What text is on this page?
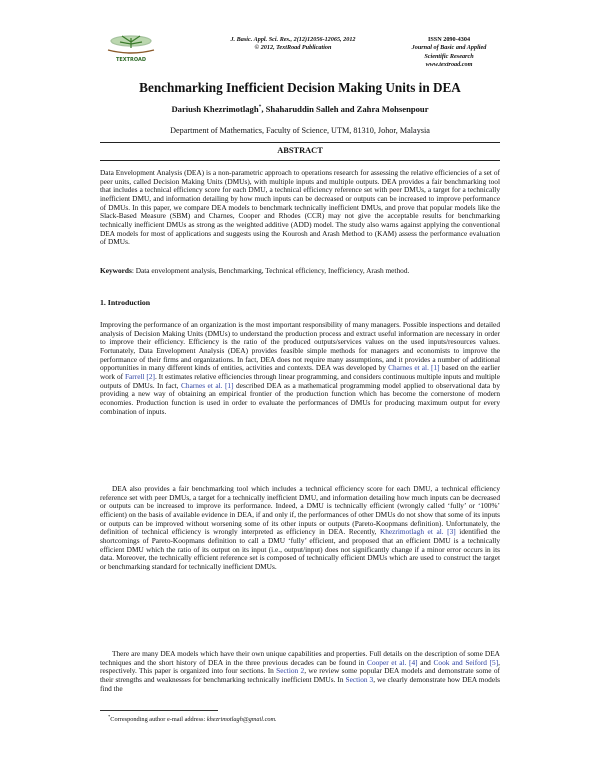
TEXTROAD
J. Basic. Appl. Sci. Res., 2(12)12056-12065, 2012
© 2012, TextRoad Publication
ISSN 2090-4304
Journal of Basic and Applied
Scientific Research
www.textroad.com
Benchmarking Inefficient Decision Making Units in DEA
Dariush Khezrimotlagh*, Shaharuddin Salleh and Zahra Mohsenpour
Department of Mathematics, Faculty of Science, UTM, 81310, Johor, Malaysia
ABSTRACT
Data Envelopment Analysis (DEA) is a non-parametric approach to operations research for assessing the relative efficiencies of a set of peer units, called Decision Making Units (DMUs), with multiple inputs and multiple outputs. DEA provides a fair benchmarking tool that includes a technical efficiency score for each DMU, a technical efficiency reference set with peer DMUs, a target for a technically inefficient DMU, and information detailing by how much inputs can be decreased or outputs can be increased to improve performance of DMUs. In this paper, we compare DEA models to benchmark technically inefficient DMUs, and prove that popular models like the Slack-Based Measure (SBM) and Charnes, Cooper and Rhodes (CCR) may not give the acceptable results for benchmarking technically inefficient DMUs as strong as the weighted additive (ADD) model. The study also warns against applying the conventional DEA models for most of applications and suggests using the Kourosh and Arash Method to (KAM) assess the performance evaluation of DMUs.
Keywords: Data envelopment analysis, Benchmarking, Technical efficiency, Inefficiency, Arash method.
1. Introduction
Improving the performance of an organization is the most important responsibility of many managers. Possible inspections and detailed analysis of Decision Making Units (DMUs) to understand the production process and extract useful information are necessary in order to improve their efficiency. Efficiency is the ratio of the produced outputs/services values on the used inputs/resources values. Fortunately, Data Envelopment Analysis (DEA) provides feasible simple methods for managers and economists to improve the performance of their firms and organizations. In fact, DEA does not require many assumptions, and it provides a number of additional opportunities in many different kinds of entities, activities and contexts. DEA was developed by Charnes et al. [1] based on the earlier work of Farrell [2]. It estimates relative efficiencies through linear programming, and considers continuous multiple inputs and multiple outputs of DMUs. In fact, Charnes et al. [1] described DEA as a mathematical programming model applied to observational data by providing a new way of obtaining an empirical frontier of the production function which has become the cornerstone of modern economies. Production function is used in order to evaluate the performances of DMUs for producing maximum output for every combination of inputs.
DEA also provides a fair benchmarking tool which includes a technical efficiency score for each DMU, a technical efficiency reference set with peer DMUs, a target for a technically inefficient DMU, and information detailing how much inputs can be decreased or outputs can be increased to improve its performance. Indeed, a DMU is technically efficient (wrongly called ‘fully’ or ‘100%’ efficient) on the basis of available evidence in DEA, if and only if, the performances of other DMUs do not show that some of its inputs or outputs can be improved without worsening some of its other inputs or outputs (Pareto-Koopmans definition). Unfortunately, the definition of technical efficiency is wrongly interpreted as efficiency in DEA. Recently, Khezrimotlagh et al. [3] identified the shortcomings of Pareto-Koopmans definition to call a DMU ‘fully’ efficient, and proposed that an efficient DMU is a technically efficient DMU which the ratio of its output on its input (i.e., output/input) does not significantly change if a minor error occurs in its data. Moreover, the technically efficient reference set is composed of technically efficient DMUs which are used to construct the target or benchmarking standard for technically inefficient DMUs.
There are many DEA models which have their own unique capabilities and properties. Full details on the description of some DEA techniques and the short history of DEA in the three previous decades can be found in Cooper et al. [4] and Cook and Seiford [5], respectively. This paper is organized into four sections. In Section 2, we review some popular DEA models and demonstrate some of their strengths and weaknesses for benchmarking technically inefficient DMUs. In Section 3, we clearly demonstrate how DEA models find the
*Corresponding author e-mail address: khezrimotlagh@gmail.com.
